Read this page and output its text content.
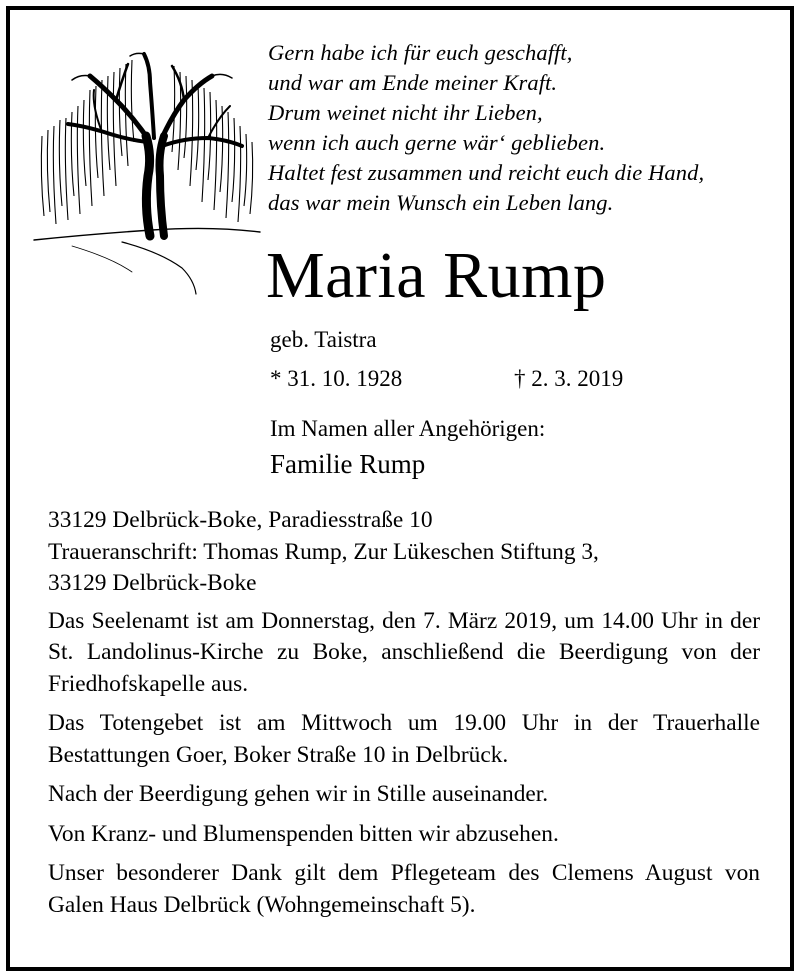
Gern habe ich für euch geschafft,
und war am Ende meiner Kraft.
Drum weinet nicht ihr Lieben,
wenn ich auch gerne wär‘ geblieben.
Haltet fest zusammen und reicht euch die Hand,
das war mein Wunsch ein Leben lang.
Maria Rump
geb. Taistra
* 31. 10. 1928	† 2. 3. 2019
Im Namen aller Angehörigen:
Familie Rump

33129 Delbrück-Boke, Paradiesstraße 10
Traueranschrift: Thomas Rump, Zur Lükeschen Stiftung 3,
33129 Delbrück-Boke

Das Seelenamt ist am Donnerstag, den 7. März 2019, um 14.00 Uhr in der St. Landolinus-Kirche zu Boke, anschließend die Beerdigung von der Friedhofskapelle aus.

Das Totengebet ist am Mittwoch um 19.00 Uhr in der Trauerhalle Bestattungen Goer, Boker Straße 10 in Delbrück.

Nach der Beerdigung gehen wir in Stille auseinander.

Von Kranz- und Blumenspenden bitten wir abzusehen.

Unser besonderer Dank gilt dem Pflegeteam des Clemens August von Galen Haus Delbrück (Wohngemeinschaft 5).
